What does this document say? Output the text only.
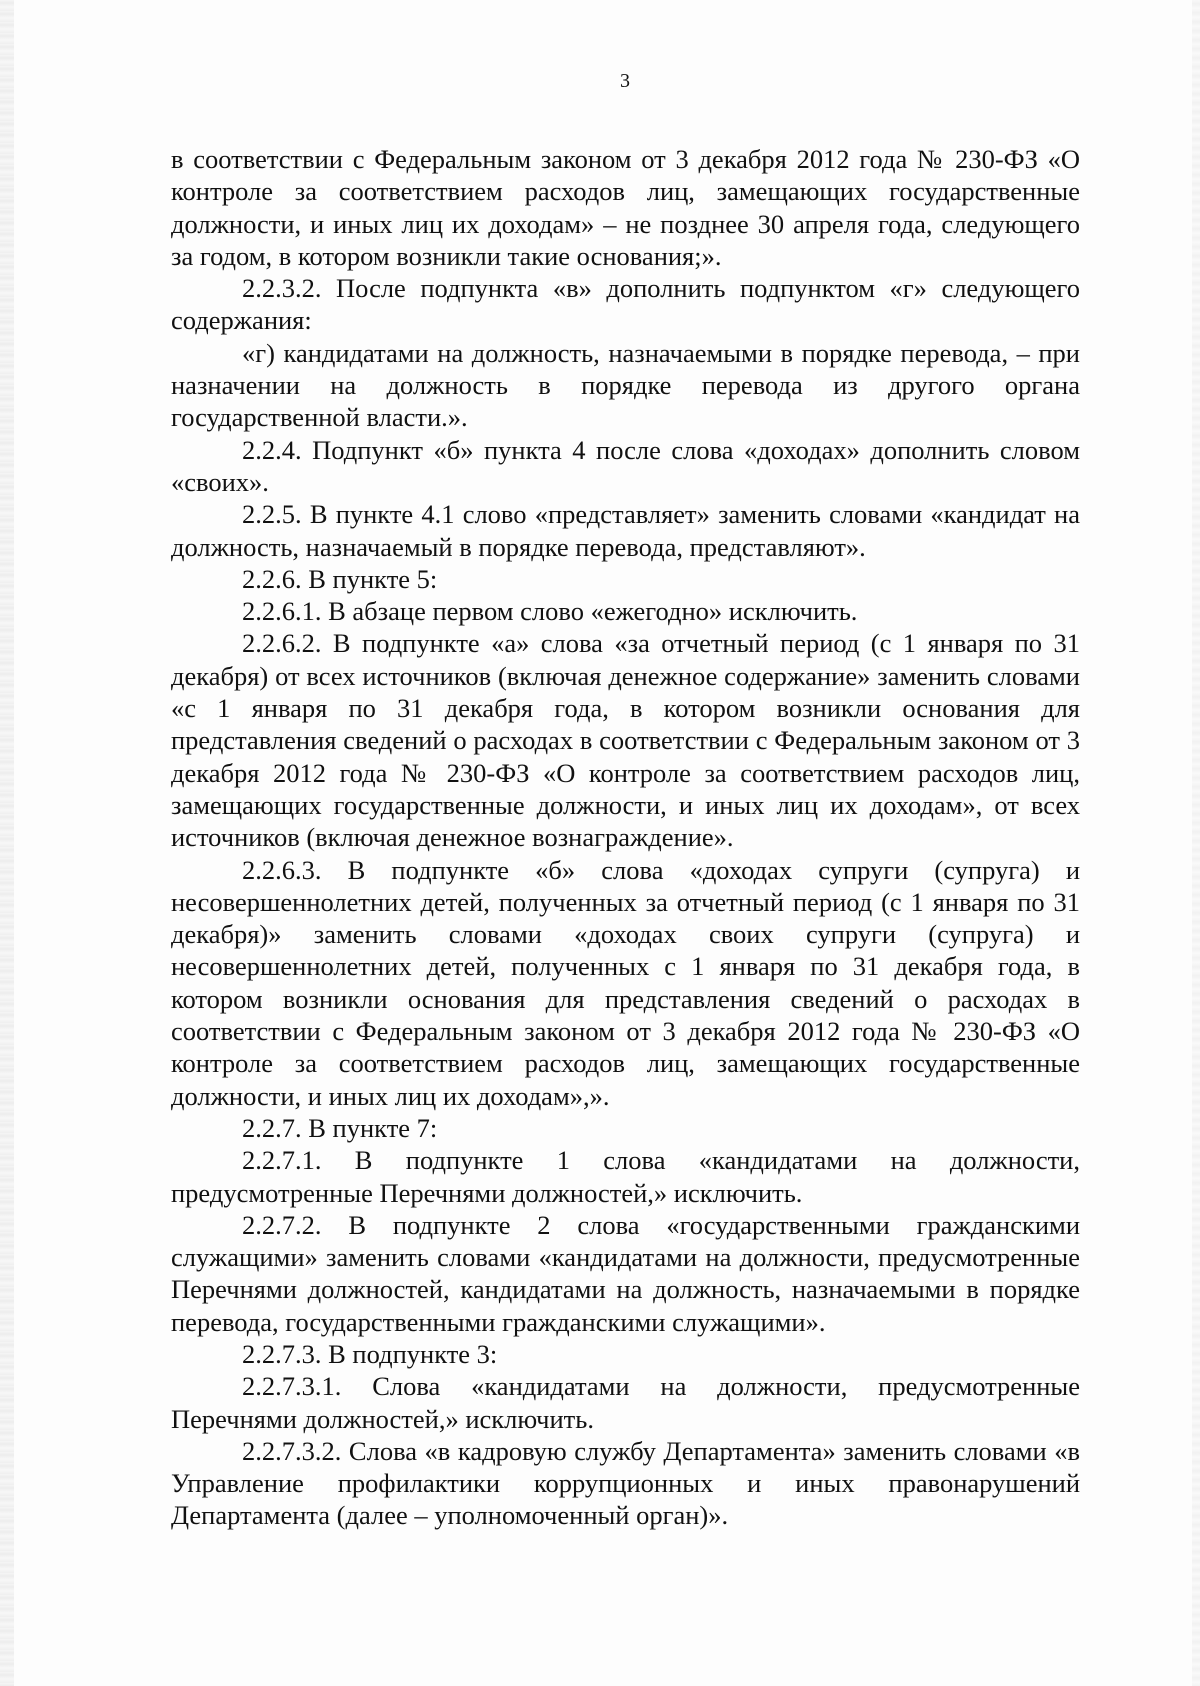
3

в соответствии с Федеральным законом от 3 декабря 2012 года № 230-ФЗ «О контроле за соответствием расходов лиц, замещающих государственные должности, и иных лиц их доходам» – не позднее 30 апреля года, следующего за годом, в котором возникли такие основания;».

2.2.3.2. После подпункта «в» дополнить подпунктом «г» следующего содержания:

«г) кандидатами на должность, назначаемыми в порядке перевода, – при назначении на должность в порядке перевода из другого органа государственной власти.».

2.2.4. Подпункт «б» пункта 4 после слова «доходах» дополнить словом «своих».

2.2.5. В пункте 4.1 слово «представляет» заменить словами «кандидат на должность, назначаемый в порядке перевода, представляют».

2.2.6. В пункте 5:

2.2.6.1. В абзаце первом слово «ежегодно» исключить.

2.2.6.2. В подпункте «а» слова «за отчетный период (с 1 января по 31 декабря) от всех источников (включая денежное содержание» заменить словами «с 1 января по 31 декабря года, в котором возникли основания для представления сведений о расходах в соответствии с Федеральным законом от 3 декабря 2012 года № 230-ФЗ «О контроле за соответствием расходов лиц, замещающих государственные должности, и иных лиц их доходам», от всех источников (включая денежное вознаграждение».

2.2.6.3. В подпункте «б» слова «доходах супруги (супруга) и несовершеннолетних детей, полученных за отчетный период (с 1 января по 31 декабря)» заменить словами «доходах своих супруги (супруга) и несовершеннолетних детей, полученных с 1 января по 31 декабря года, в котором возникли основания для представления сведений о расходах в соответствии с Федеральным законом от 3 декабря 2012 года № 230-ФЗ «О контроле за соответствием расходов лиц, замещающих государственные должности, и иных лиц их доходам»,».

2.2.7. В пункте 7:

2.2.7.1. В подпункте 1 слова «кандидатами на должности, предусмотренные Перечнями должностей,» исключить.

2.2.7.2. В подпункте 2 слова «государственными гражданскими служащими» заменить словами «кандидатами на должности, предусмотренные Перечнями должностей, кандидатами на должность, назначаемыми в порядке перевода, государственными гражданскими служащими».

2.2.7.3. В подпункте 3:

2.2.7.3.1. Слова «кандидатами на должности, предусмотренные Перечнями должностей,» исключить.

2.2.7.3.2. Слова «в кадровую службу Департамента» заменить словами «в Управление профилактики коррупционных и иных правонарушений Департамента (далее – уполномоченный орган)».
